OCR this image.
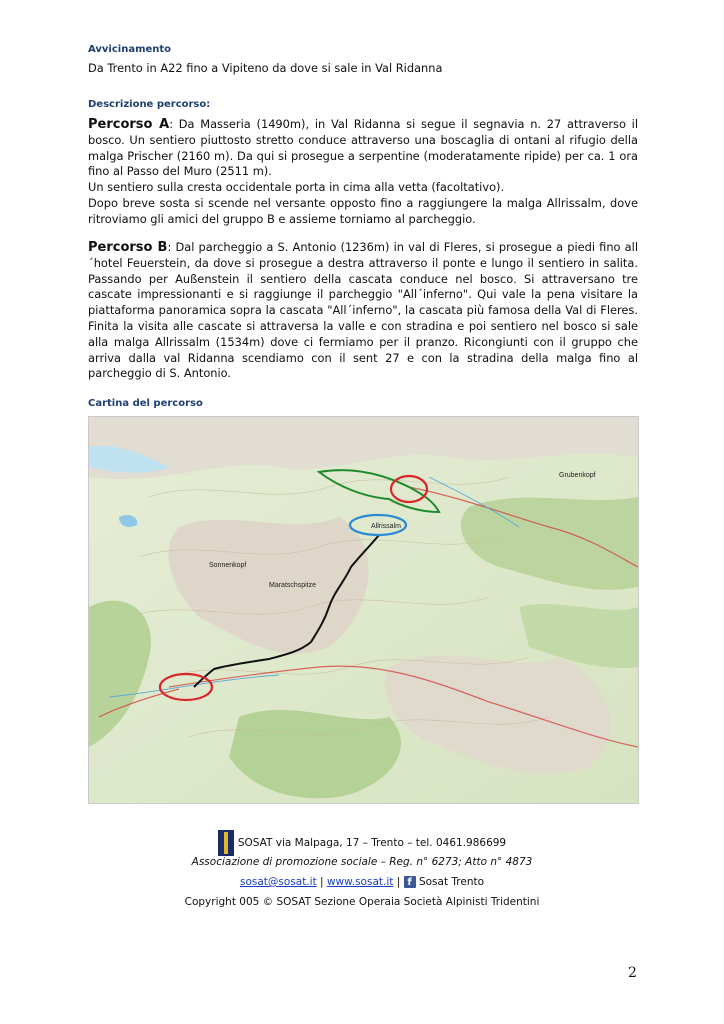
Avvicinamento
Da Trento in A22 fino a Vipiteno da dove si sale in Val Ridanna
Descrizione percorso:

Percorso A: Da Masseria (1490m), in Val Ridanna si segue il segnavia n. 27 attraverso il bosco. Un sentiero piuttosto stretto conduce attraverso una boscaglia di ontani al rifugio della malga Prischer (2160 m). Da qui si prosegue a serpentine (moderatamente ripide) per ca. 1 ora fino al Passo del Muro (2511 m).

Un sentiero sulla cresta occidentale porta in cima alla vetta (facoltativo).

Dopo breve sosta si scende nel versante opposto fino a raggiungere la malga Allrissalm, dove ritroviamo gli amici del gruppo B e assieme torniamo al parcheggio.

Percorso B: Dal parcheggio a S. Antonio (1236m) in val di Fleres, si prosegue a piedi fino all´hotel Feuerstein, da dove si prosegue a destra attraverso il ponte e lungo il sentiero in salita. Passando per Außenstein il sentiero della cascata conduce nel bosco. Si attraversano tre cascate impressionanti e si raggiunge il parcheggio "All´inferno". Qui vale la pena visitare la piattaforma panoramica sopra la cascata "All´inferno", la cascata più famosa della Val di Fleres. Finita la visita alle cascate si attraversa la valle e con stradina e poi sentiero nel bosco si sale alla malga Allrissalm (1534m) dove ci fermiamo per il pranzo. Ricongiunti con il gruppo che arriva dalla val Ridanna scendiamo con il sent 27 e con la stradina della malga fino al parcheggio di S. Antonio.

Cartina del percorso
Allrissalm
Grubenkopf
Maratschspitze
Sonnenkopf
SOSAT via Malpaga, 17 – Trento – tel. 0461.986699
Associazione di promozione sociale – Reg. n° 6273; Atto n° 4873
sosat@sosat.it | www.sosat.it | f Sosat Trento
Copyright 005 © SOSAT Sezione Operaia Società Alpinisti Tridentini
2
